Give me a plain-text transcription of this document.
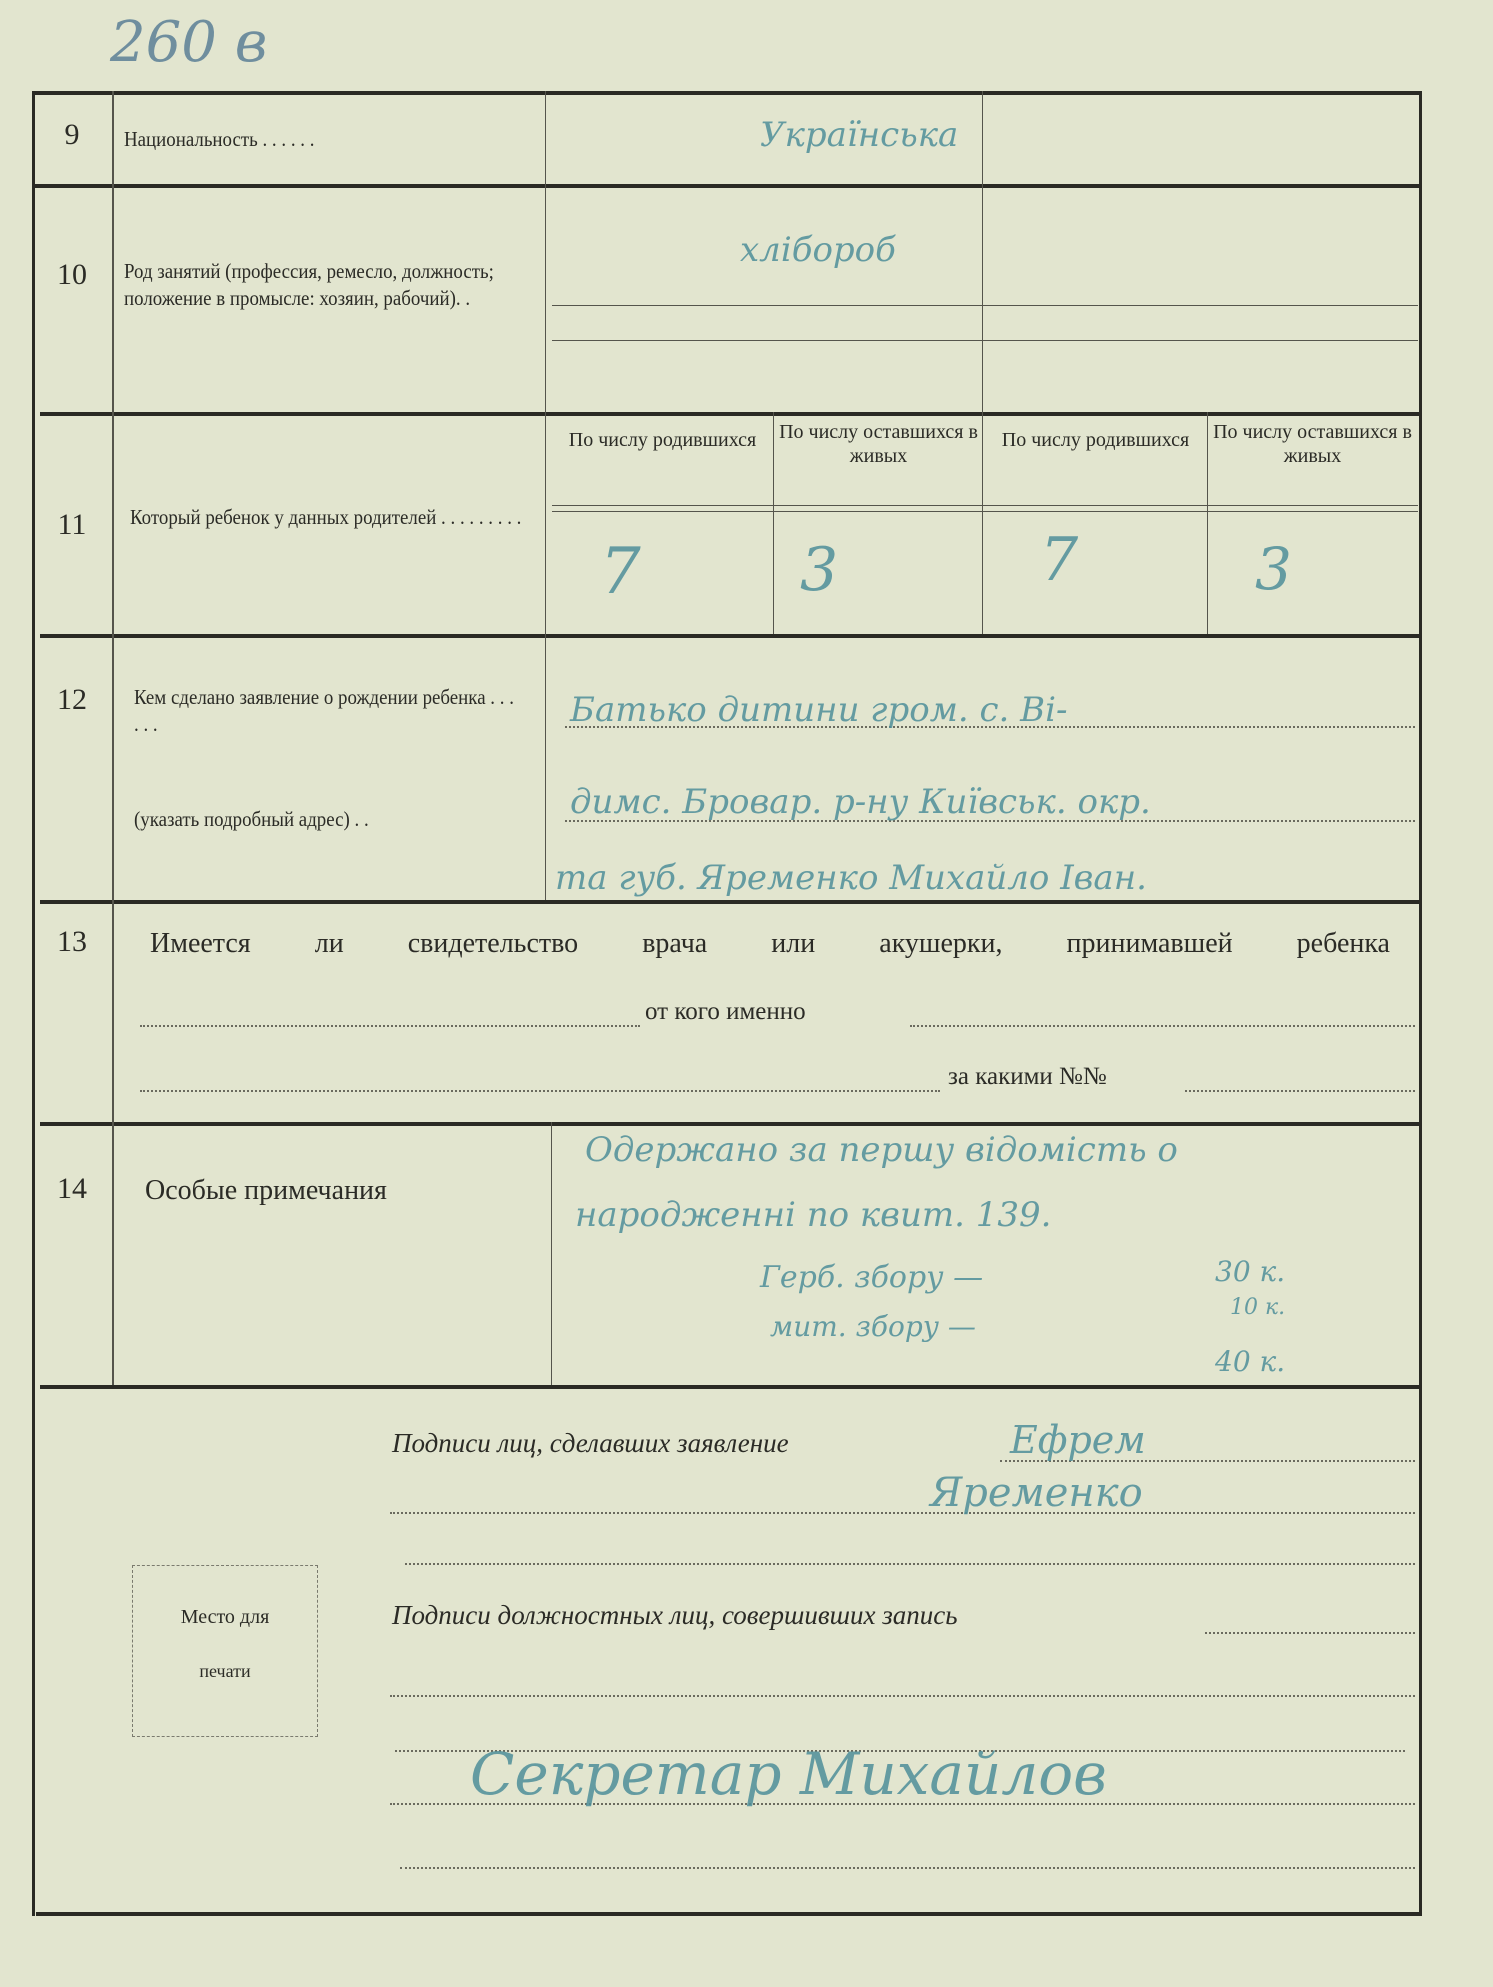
260 в
9	Национальность . . . . . .	Українська
10	Род занятий (профессия, ремесло, должность; положение в промысле: хозяин, рабочий). .
хлібороб
11	Который ребенок у данных родителей . . . . . . . . .
По числу родившихся	По числу оставшихся в живых
По числу родившихся	По числу оставшихся в живых
7	3	7	3
12	Кем сделано заявление о рождении ребенка . . . . . .
(указать подробный адрес) . .
Батько дитини гром. с. Ві-
димс. Бровар. р-ну Київськ. окр.
та губ. Яременко Михайло Іван.
13	Имеется ли свидетельство врача или акушерки, принимавшей ребенка
от кого именно
за какими №№
14	Особые примечания
Одержано за першу відомість о
народженні по квит. 139.
Герб. збору —
мит. збору —
30 к.
10 к.
40 к.
Подписи лиц, сделавших заявление	Ефрем
Яременко
Подписи должностных лиц, совершивших запись
Секретар Михайлов
Место для
печати
